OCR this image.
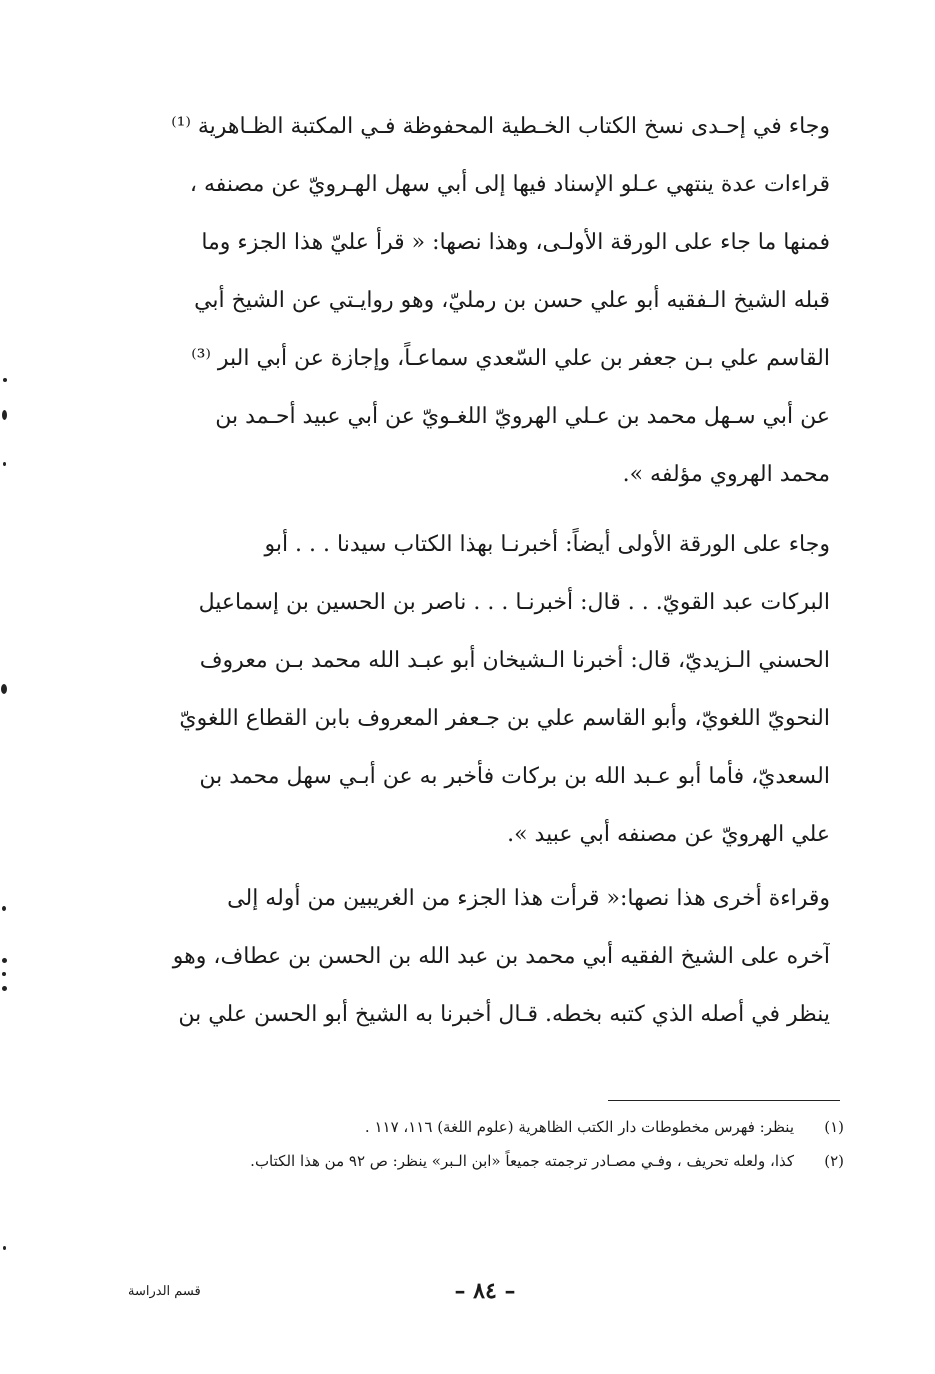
وجاء في إحـدى نسخ الكتاب الخـطية المحفوظة فـي المكتبة الظـاهرية ⁽¹⁾
قراءات عدة ينتهي عـلو الإسناد فيها إلى أبي سهل الهـرويّ عن مصنفه ،
فمنها ما جاء على الورقة الأولـى، وهذا نصها: « قرأ عليّ هذا الجزء وما
قبله الشيخ الـفقيه أبو علي حسن بن رمليّ، وهو روايـتي عن الشيخ أبي
القاسم علي بـن جعفر بن علي السّعدي سماعـاً، وإجازة عن أبي البر ⁽³⁾
عن أبي سـهل محمد بن عـلي الهرويّ اللغـويّ عن أبي عبيد أحـمد بن
محمد الهروي مؤلفه ».
وجاء على الورقة الأولى أيضاً: أخبرنـا بهذا الكتاب سيدنا . . . أبو
البركات عبد القويّ. . . قال: أخبرنـا . . . ناصر بن الحسين بن إسماعيل
الحسني الـزيديّ، قال: أخبرنا الـشيخان أبو عبـد الله محمد بـن معروف
النحويّ اللغويّ، وأبو القاسم علي بن جـعفر المعروف بابن القطاع اللغويّ
السعديّ، فأما أبو عـبد الله بن بركات فأخبر به عن أبـي سهل محمد بن
علي الهرويّ عن مصنفه أبي عبيد ».
وقراءة أخرى هذا نصها:« قرأت هذا الجزء من الغريبين من أوله إلى
آخره على الشيخ الفقيه أبي محمد بن عبد الله بن الحسن بن عطاف، وهو
ينظر في أصله الذي كتبه بخطه. قـال أخبرنا به الشيخ أبو الحسن علي بن
(١)
ينظر: فهرس مخطوطات دار الكتب الظاهرية (علوم اللغة) ١١٦، ١١٧ .
(٢)
كذا، ولعله تحريف ، وفـي مصـادر ترجمته جميعاً «ابن الـبر» ينظر: ص ٩٢ من هذا الكتاب.
– ٨٤ –
قسم الدراسة
